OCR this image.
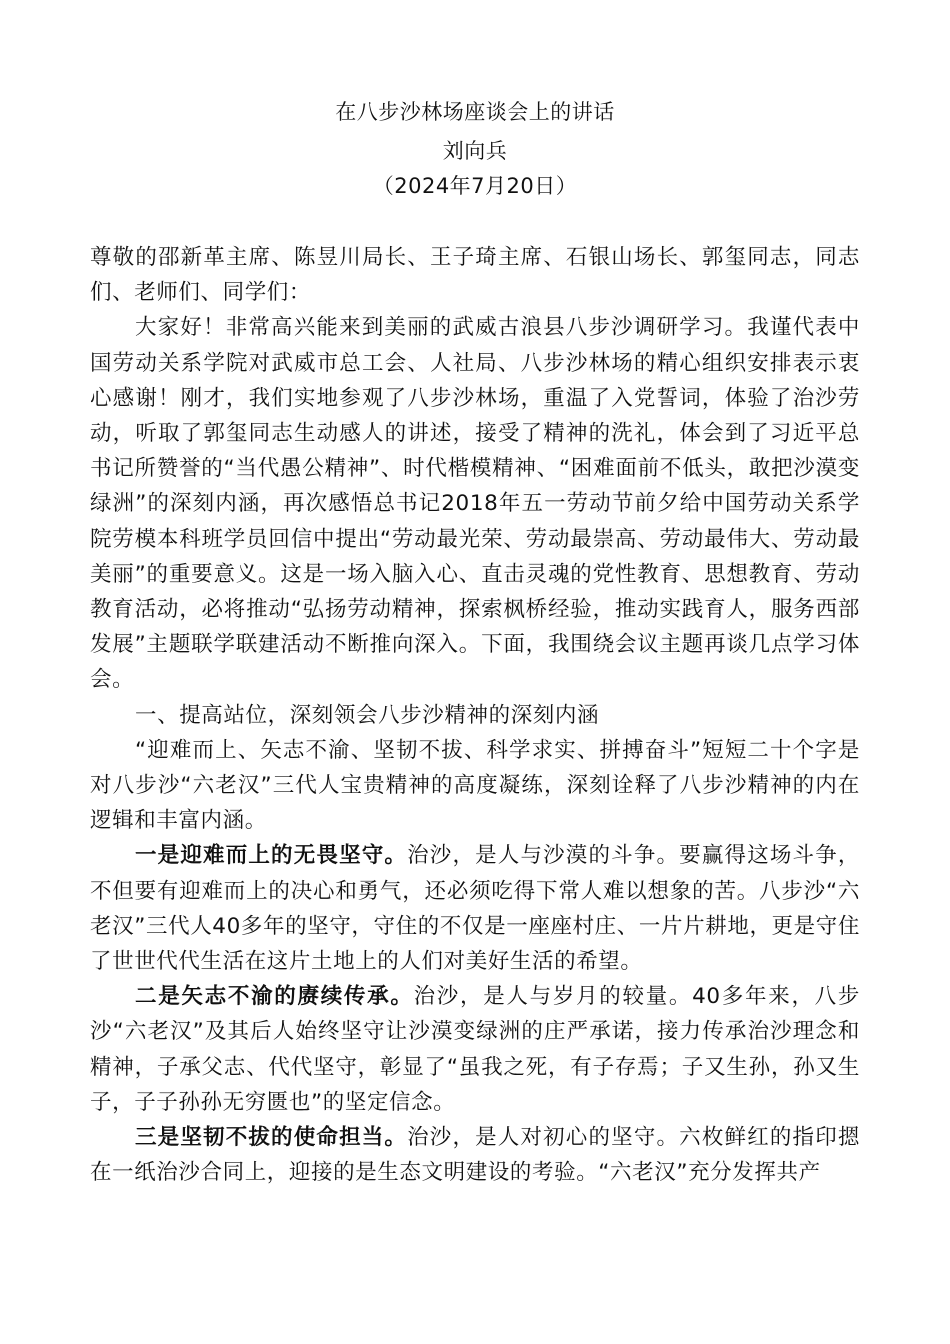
在八步沙林场座谈会上的讲话
刘向兵
（2024年7月20日）

尊敬的邵新革主席、陈昱川局长、王子琦主席、石银山场长、郭玺同志，同志们、老师们、同学们：

大家好！非常高兴能来到美丽的武威古浪县八步沙调研学习。我谨代表中国劳动关系学院对武威市总工会、人社局、八步沙林场的精心组织安排表示衷心感谢！刚才，我们实地参观了八步沙林场，重温了入党誓词，体验了治沙劳动，听取了郭玺同志生动感人的讲述，接受了精神的洗礼，体会到了习近平总书记所赞誉的“当代愚公精神”、时代楷模精神、“困难面前不低头，敢把沙漠变绿洲”的深刻内涵，再次感悟总书记2018年五一劳动节前夕给中国劳动关系学院劳模本科班学员回信中提出“劳动最光荣、劳动最崇高、劳动最伟大、劳动最美丽”的重要意义。这是一场入脑入心、直击灵魂的党性教育、思想教育、劳动教育活动，必将推动“弘扬劳动精神，探索枫桥经验，推动实践育人，服务西部发展”主题联学联建活动不断推向深入。下面，我围绕会议主题再谈几点学习体会。

一、提高站位，深刻领会八步沙精神的深刻内涵

“迎难而上、矢志不渝、坚韧不拔、科学求实、拼搏奋斗”短短二十个字是对八步沙“六老汉”三代人宝贵精神的高度凝练，深刻诠释了八步沙精神的内在逻辑和丰富内涵。

一是迎难而上的无畏坚守。治沙，是人与沙漠的斗争。要赢得这场斗争，不但要有迎难而上的决心和勇气，还必须吃得下常人难以想象的苦。八步沙“六老汉”三代人40多年的坚守，守住的不仅是一座座村庄、一片片耕地，更是守住了世世代代生活在这片土地上的人们对美好生活的希望。

二是矢志不渝的赓续传承。治沙，是人与岁月的较量。40多年来，八步沙“六老汉”及其后人始终坚守让沙漠变绿洲的庄严承诺，接力传承治沙理念和精神，子承父志、代代坚守，彰显了“虽我之死，有子存焉；子又生孙，孙又生子，子子孙孙无穷匮也”的坚定信念。

三是坚韧不拔的使命担当。治沙，是人对初心的坚守。六枚鲜红的指印摁在一纸治沙合同上，迎接的是生态文明建设的考验。“六老汉”充分发挥共产
